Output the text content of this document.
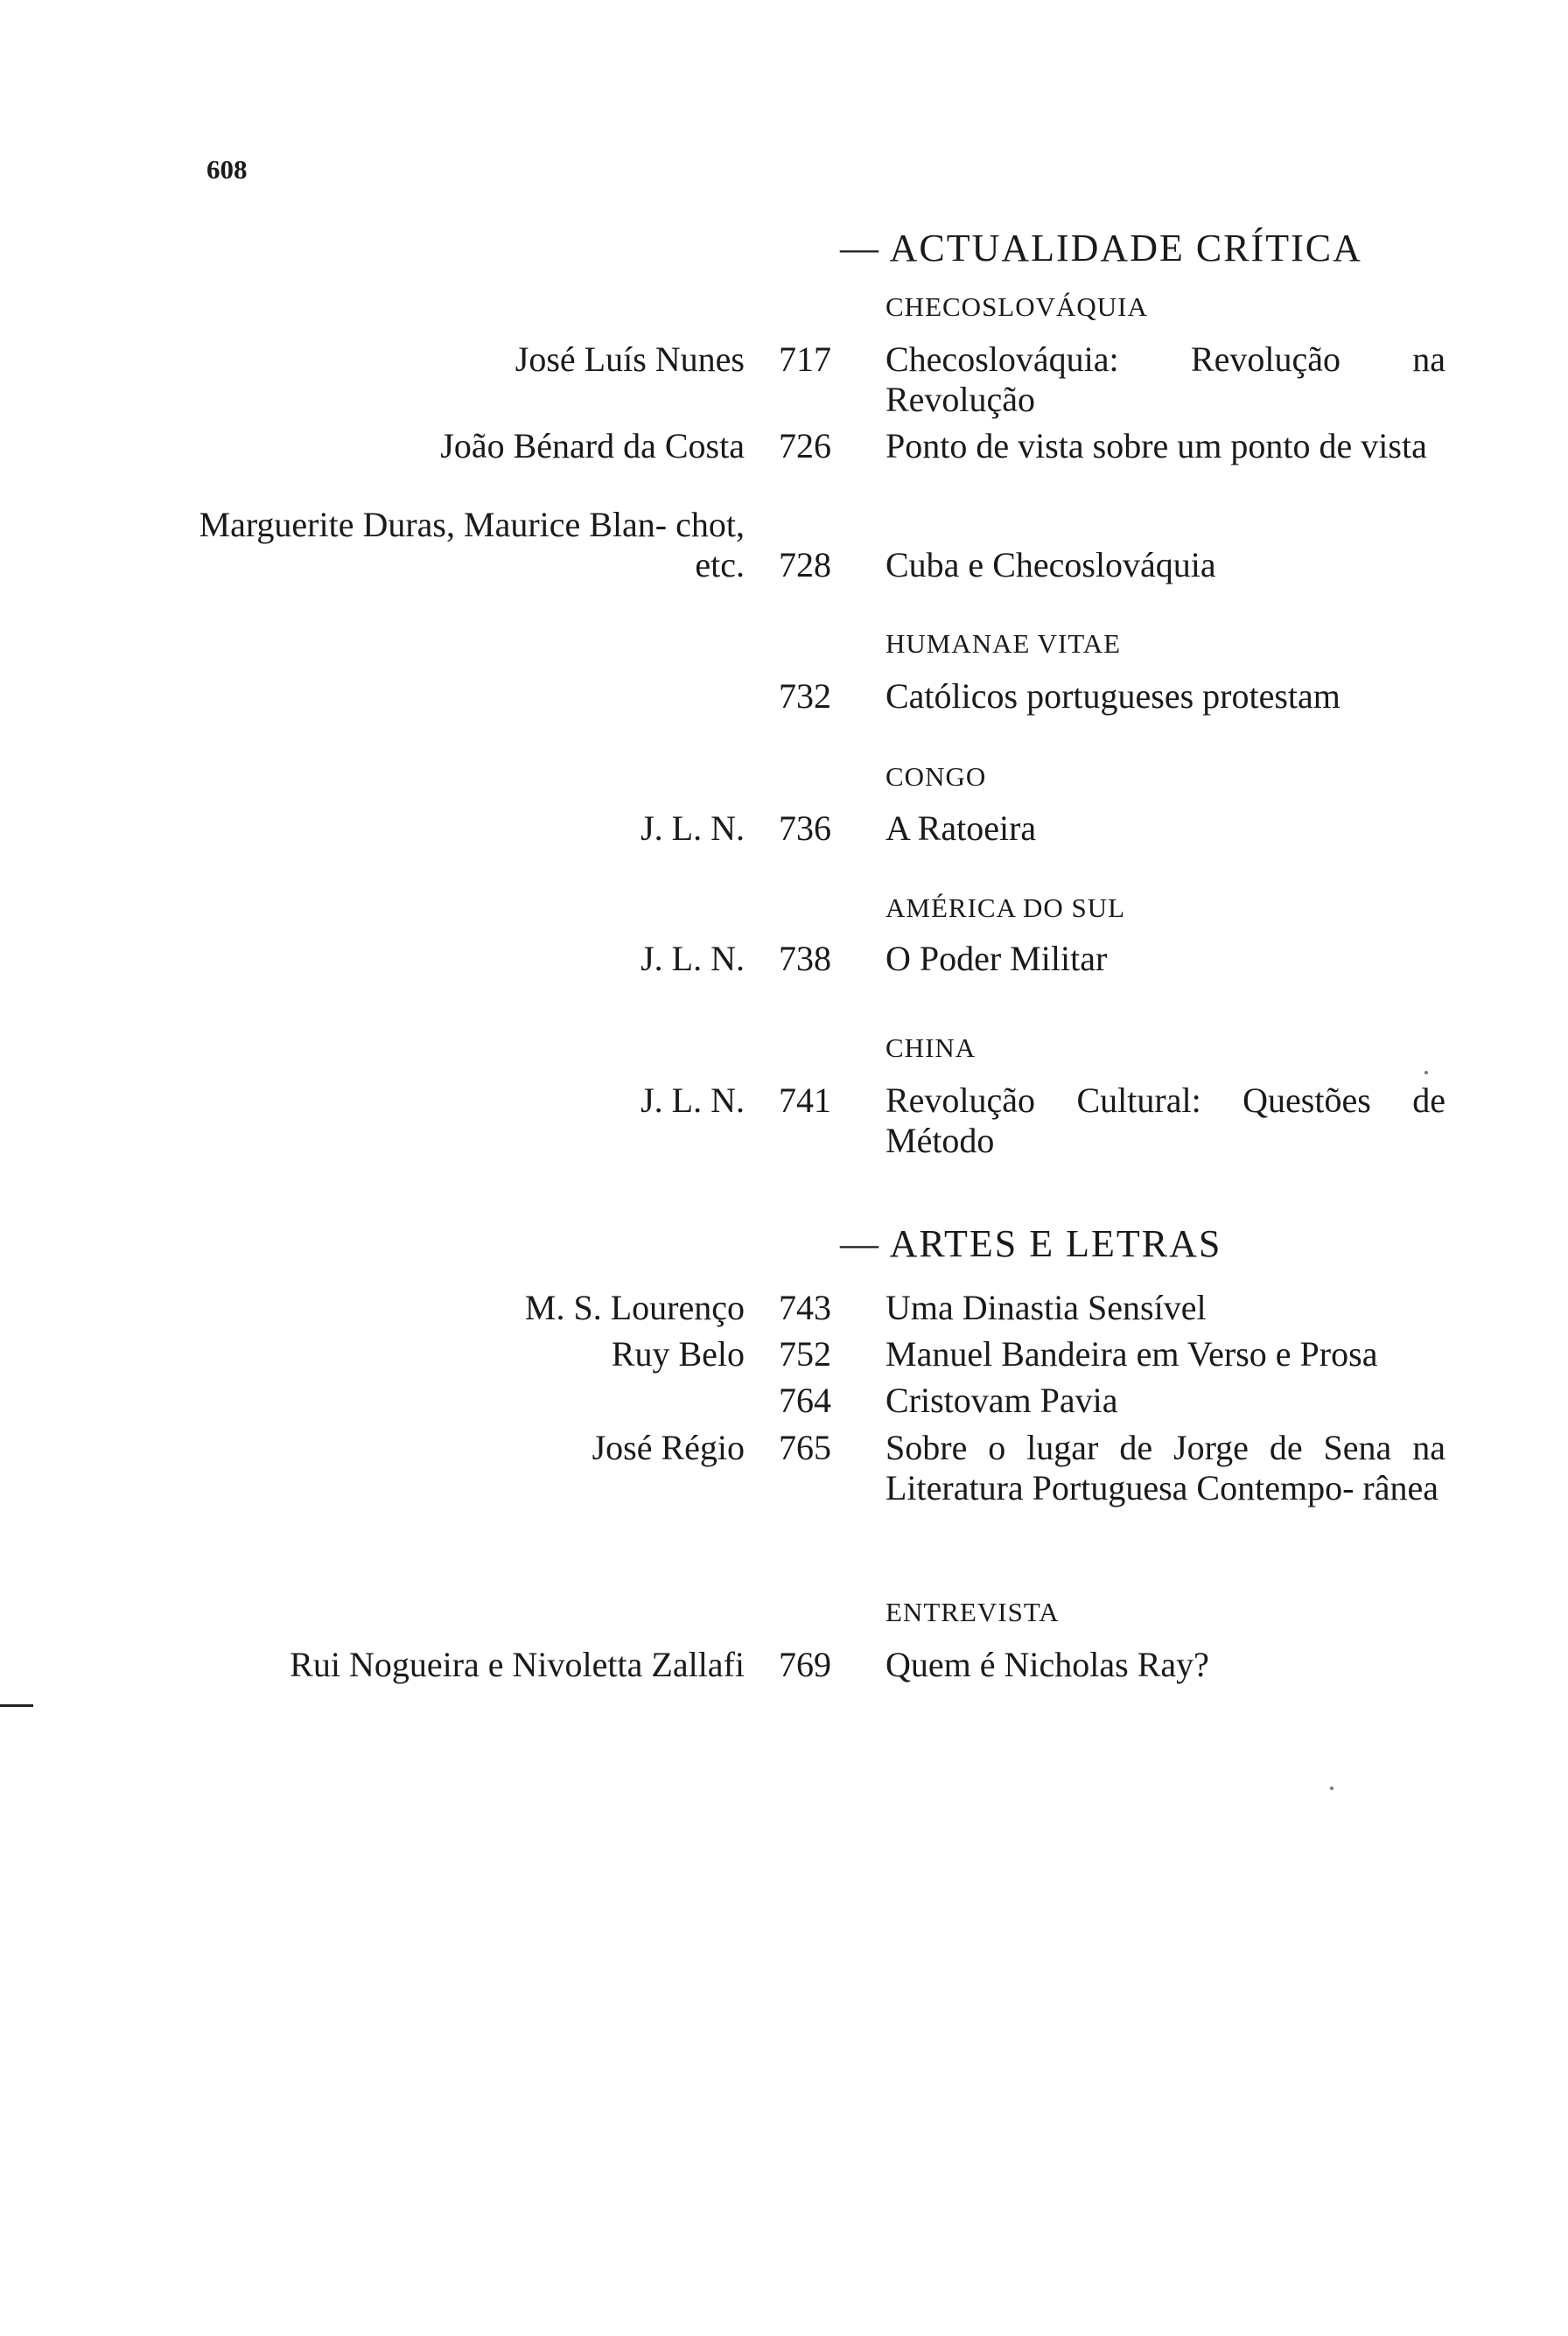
608
— ACTUALIDADE CRÍTICA
CHECOSLOVÁQUIA
José Luís Nunes 717 Checoslováquia: Revolução na Revolução
João Bénard da Costa 726 Ponto de vista sobre um ponto de vista
Marguerite Duras, Maurice Blan- chot, etc. 728 Cuba e Checoslováquia
HUMANAE VITAE
732 Católicos portugueses protestam
CONGO
J. L. N. 736 A Ratoeira
AMÉRICA DO SUL
J. L. N. 738 O Poder Militar
CHINA
J. L. N. 741 Revolução Cultural: Questões de Método
— ARTES E LETRAS
M. S. Lourenço 743 Uma Dinastia Sensível
Ruy Belo 752 Manuel Bandeira em Verso e Prosa
764 Cristovam Pavia
José Régio 765 Sobre o lugar de Jorge de Sena na Literatura Portuguesa Contempo- rânea
ENTREVISTA
Rui Nogueira e Nivoletta Zallafi 769 Quem é Nicholas Ray?
